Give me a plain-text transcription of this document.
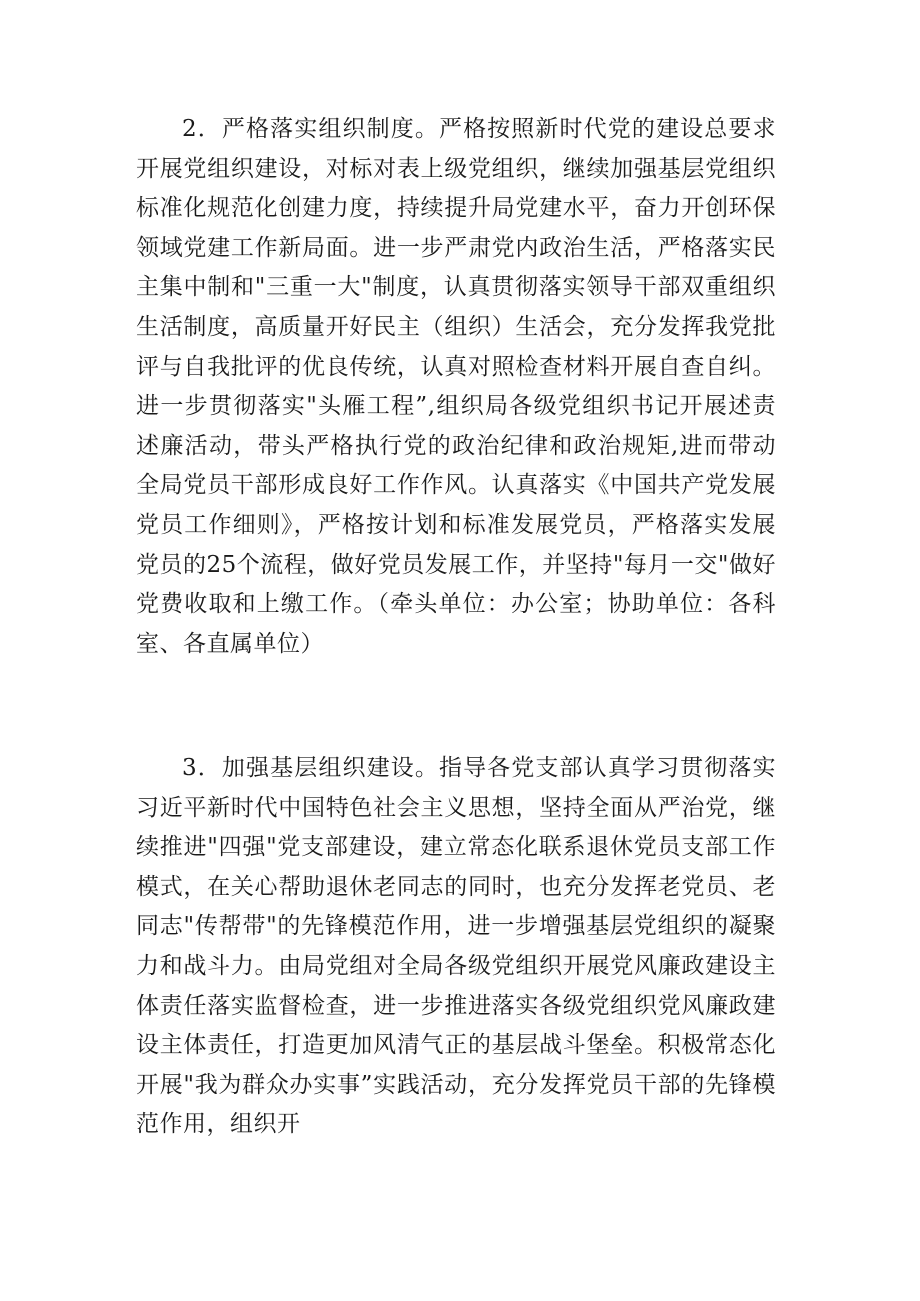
2．严格落实组织制度。严格按照新时代党的建设总要求开展党组织建设，对标对表上级党组织，继续加强基层党组织标准化规范化创建力度，持续提升局党建水平，奋力开创环保领域党建工作新局面。进一步严肃党内政治生活，严格落实民主集中制和"三重一大"制度，认真贯彻落实领导干部双重组织生活制度，高质量开好民主（组织）生活会，充分发挥我党批评与自我批评的优良传统，认真对照检查材料开展自查自纠。进一步贯彻落实"头雁工程”,组织局各级党组织书记开展述责述廉活动，带头严格执行党的政治纪律和政治规矩,进而带动全局党员干部形成良好工作作风。认真落实《中国共产党发展党员工作细则》，严格按计划和标准发展党员，严格落实发展党员的25个流程，做好党员发展工作，并坚持"每月一交"做好党费收取和上缴工作。（牵头单位：办公室；协助单位：各科室、各直属单位）

3．加强基层组织建设。指导各党支部认真学习贯彻落实习近平新时代中国特色社会主义思想，坚持全面从严治党，继续推进"四强"党支部建设，建立常态化联系退休党员支部工作模式，在关心帮助退休老同志的同时，也充分发挥老党员、老同志"传帮带"的先锋模范作用，进一步增强基层党组织的凝聚力和战斗力。由局党组对全局各级党组织开展党风廉政建设主体责任落实监督检查，进一步推进落实各级党组织党风廉政建设主体责任，打造更加风清气正的基层战斗堡垒。积极常态化开展"我为群众办实事”实践活动，充分发挥党员干部的先锋模范作用，组织开
